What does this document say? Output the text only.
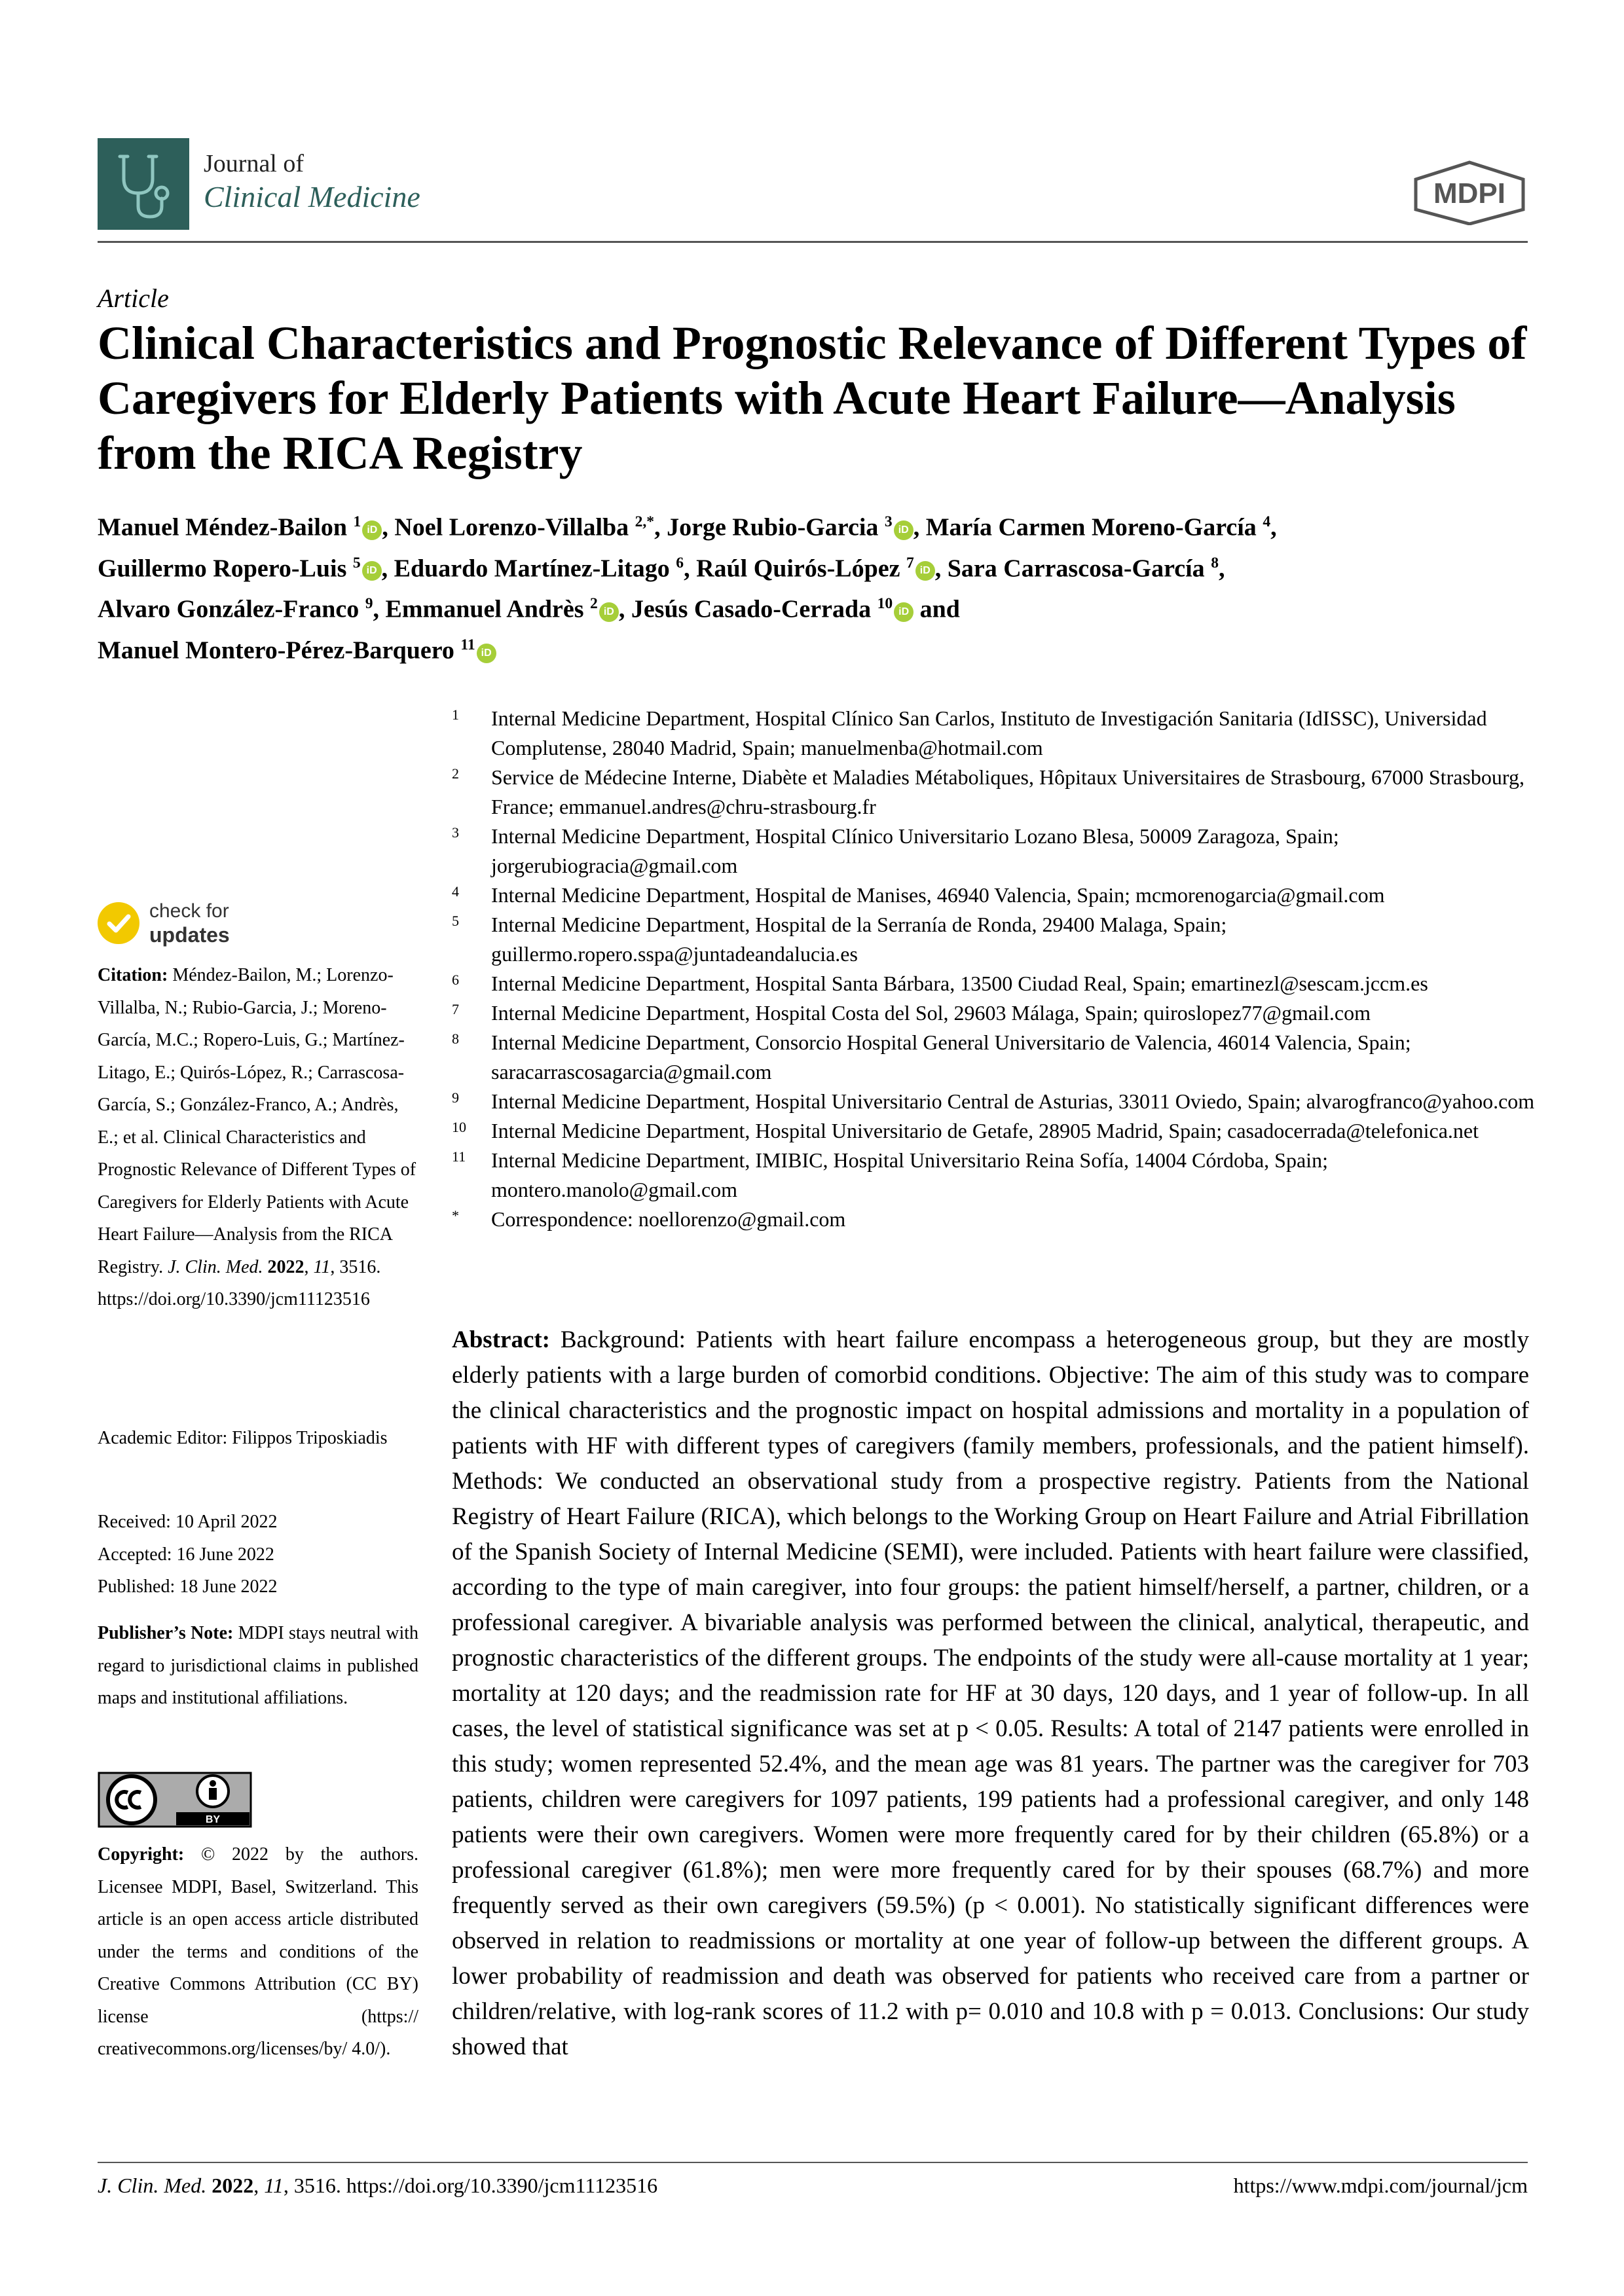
Journal of
Clinical Medicine	MDPI
Article
Clinical Characteristics and Prognostic Relevance of Different Types of Caregivers for Elderly Patients with Acute Heart Failure—Analysis from the RICA Registry
Manuel Méndez-Bailon $^1$ iD , Noel Lorenzo-Villalba $^{2,*}$, Jorge Rubio-Garcia $^3$ iD , María Carmen Moreno-García $^4$,
Guillermo Ropero-Luis $^5$ iD , Eduardo Martínez-Litago $^6$, Raúl Quirós-López $^7$ iD , Sara Carrascosa-García $^8$,
Alvaro González-Franco $^9$, Emmanuel Andrès $^2$ iD , Jesús Casado-Cerrada $^{10}$ iD and
Manuel Montero-Pérez-Barquero $^{11}$ iD
1 Internal Medicine Department, Hospital Clínico San Carlos, Instituto de Investigación Sanitaria (IdISSC), Universidad Complutense, 28040 Madrid, Spain; manuelmenba@hotmail.com
2 Service de Médecine Interne, Diabète et Maladies Métaboliques, Hôpitaux Universitaires de Strasbourg, 67000 Strasbourg, France; emmanuel.andres@chru-strasbourg.fr
3 Internal Medicine Department, Hospital Clínico Universitario Lozano Blesa, 50009 Zaragoza, Spain; jorgerubiogracia@gmail.com
4 Internal Medicine Department, Hospital de Manises, 46940 Valencia, Spain; mcmorenogarcia@gmail.com
5 Internal Medicine Department, Hospital de la Serranía de Ronda, 29400 Malaga, Spain; guillermo.ropero.sspa@juntadeandalucia.es
6 Internal Medicine Department, Hospital Santa Bárbara, 13500 Ciudad Real, Spain; emartinezl@sescam.jccm.es
7 Internal Medicine Department, Hospital Costa del Sol, 29603 Málaga, Spain; quiroslopez77@gmail.com
8 Internal Medicine Department, Consorcio Hospital General Universitario de Valencia, 46014 Valencia, Spain; saracarrascosagarcia@gmail.com
9 Internal Medicine Department, Hospital Universitario Central de Asturias, 33011 Oviedo, Spain; alvarogfranco@yahoo.com
10 Internal Medicine Department, Hospital Universitario de Getafe, 28905 Madrid, Spain; casadocerrada@telefonica.net
11 Internal Medicine Department, IMIBIC, Hospital Universitario Reina Sofía, 14004 Córdoba, Spain; montero.manolo@gmail.com
* Correspondence: noellorenzo@gmail.com
Abstract: Background: Patients with heart failure encompass a heterogeneous group, but they are mostly elderly patients with a large burden of comorbid conditions. Objective: The aim of this study was to compare the clinical characteristics and the prognostic impact on hospital admissions and mortality in a population of patients with HF with different types of caregivers (family members, professionals, and the patient himself). Methods: We conducted an observational study from a prospective registry. Patients from the National Registry of Heart Failure (RICA), which belongs to the Working Group on Heart Failure and Atrial Fibrillation of the Spanish Society of Internal Medicine (SEMI), were included. Patients with heart failure were classified, according to the type of main caregiver, into four groups: the patient himself/herself, a partner, children, or a professional caregiver. A bivariable analysis was performed between the clinical, analytical, therapeutic, and prognostic characteristics of the different groups. The endpoints of the study were all-cause mortality at 1 year; mortality at 120 days; and the readmission rate for HF at 30 days, 120 days, and 1 year of follow-up. In all cases, the level of statistical significance was set at p < 0.05. Results: A total of 2147 patients were enrolled in this study; women represented 52.4%, and the mean age was 81 years. The partner was the caregiver for 703 patients, children were caregivers for 1097 patients, 199 patients had a professional caregiver, and only 148 patients were their own caregivers. Women were more frequently cared for by their children (65.8%) or a professional caregiver (61.8%); men were more frequently cared for by their spouses (68.7%) and more frequently served as their own caregivers (59.5%) (p < 0.001). No statistically significant differences were observed in relation to readmissions or mortality at one year of follow-up between the different groups. A lower probability of readmission and death was observed for patients who received care from a partner or children/relative, with log-rank scores of 11.2 with p= 0.010 and 10.8 with p = 0.013. Conclusions: Our study showed that
check for
updates
Citation: Méndez-Bailon, M.; Lorenzo-Villalba, N.; Rubio-Garcia, J.; Moreno-García, M.C.; Ropero-Luis, G.; Martínez-Litago, E.; Quirós-López, R.; Carrascosa-García, S.; González-Franco, A.; Andrès, E.; et al. Clinical Characteristics and Prognostic Relevance of Different Types of Caregivers for Elderly Patients with Acute Heart Failure—Analysis from the RICA Registry. J. Clin. Med. 2022, 11, 3516. https://doi.org/10.3390/jcm11123516
Academic Editor: Filippos Triposkiadis
Received: 10 April 2022
Accepted: 16 June 2022
Published: 18 June 2022
Publisher’s Note: MDPI stays neutral with regard to jurisdictional claims in published maps and institutional affiliations.
BY
Copyright: © 2022 by the authors. Licensee MDPI, Basel, Switzerland. This article is an open access article distributed under the terms and conditions of the Creative Commons Attribution (CC BY) license (https:// creativecommons.org/licenses/by/ 4.0/).
J. Clin. Med. 2022, 11, 3516. https://doi.org/10.3390/jcm11123516	https://www.mdpi.com/journal/jcm
